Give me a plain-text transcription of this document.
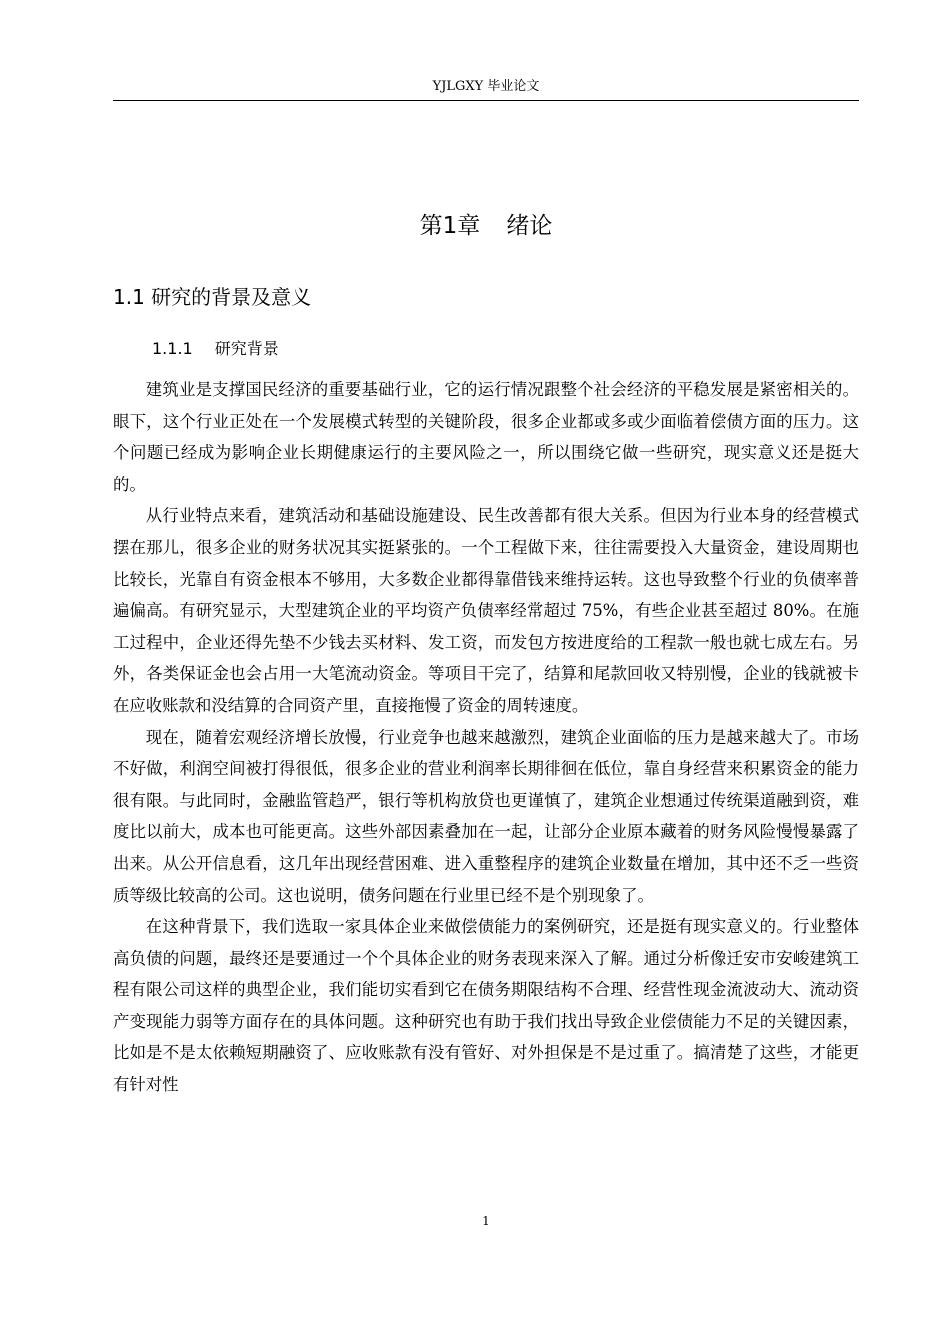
YJLGXY 毕业论文
第1章 绪论
1.1 研究的背景及意义
1.1.1 研究背景

建筑业是支撑国民经济的重要基础行业，它的运行情况跟整个社会经济的平稳发展是紧密相关的。眼下，这个行业正处在一个发展模式转型的关键阶段，很多企业都或多或少面临着偿债方面的压力。这个问题已经成为影响企业长期健康运行的主要风险之一，所以围绕它做一些研究，现实意义还是挺大的。

从行业特点来看，建筑活动和基础设施建设、民生改善都有很大关系。但因为行业本身的经营模式摆在那儿，很多企业的财务状况其实挺紧张的。一个工程做下来，往往需要投入大量资金，建设周期也比较长，光靠自有资金根本不够用，大多数企业都得靠借钱来维持运转。这也导致整个行业的负债率普遍偏高。有研究显示，大型建筑企业的平均资产负债率经常超过 75%，有些企业甚至超过 80%。在施工过程中，企业还得先垫不少钱去买材料、发工资，而发包方按进度给的工程款一般也就七成左右。另外，各类保证金也会占用一大笔流动资金。等项目干完了，结算和尾款回收又特别慢，企业的钱就被卡在应收账款和没结算的合同资产里，直接拖慢了资金的周转速度。

现在，随着宏观经济增长放慢，行业竞争也越来越激烈，建筑企业面临的压力是越来越大了。市场不好做，利润空间被打得很低，很多企业的营业利润率长期徘徊在低位，靠自身经营来积累资金的能力很有限。与此同时，金融监管趋严，银行等机构放贷也更谨慎了，建筑企业想通过传统渠道融到资，难度比以前大，成本也可能更高。这些外部因素叠加在一起，让部分企业原本藏着的财务风险慢慢暴露了出来。从公开信息看，这几年出现经营困难、进入重整程序的建筑企业数量在增加，其中还不乏一些资质等级比较高的公司。这也说明，债务问题在行业里已经不是个别现象了。

在这种背景下，我们选取一家具体企业来做偿债能力的案例研究，还是挺有现实意义的。行业整体高负债的问题，最终还是要通过一个个具体企业的财务表现来深入了解。通过分析像迁安市安峻建筑工程有限公司这样的典型企业，我们能切实看到它在债务期限结构不合理、经营性现金流波动大、流动资产变现能力弱等方面存在的具体问题。这种研究也有助于我们找出导致企业偿债能力不足的关键因素，比如是不是太依赖短期融资了、应收账款有没有管好、对外担保是不是过重了。搞清楚了这些，才能更有针对性

1
